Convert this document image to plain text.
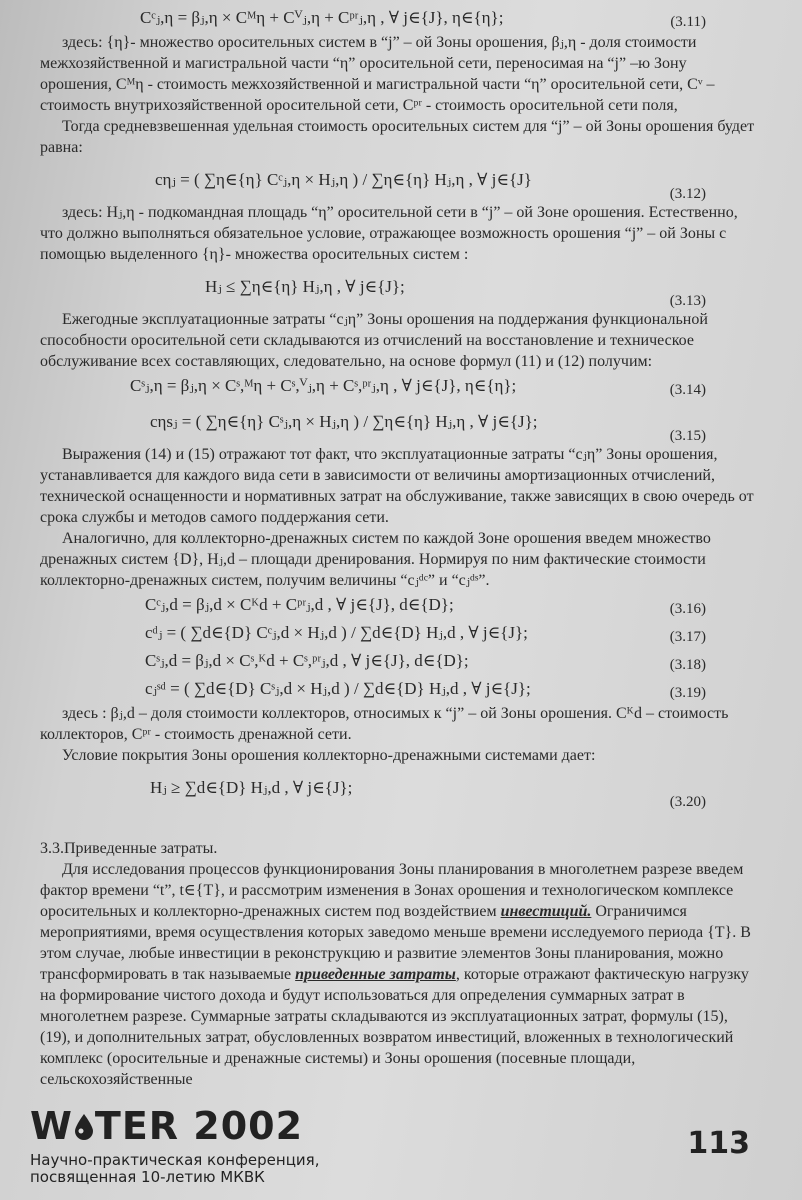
Cᶜⱼ,η = βⱼ,η × Cᴹη + Cⱽⱼ,η + Cᵖʳⱼ,η , ∀ j∈{J}, η∈{η};	(3.11)

здесь: {η}- множество оросительных систем в “j” – ой Зоны орошения, βⱼ,η - доля стоимости межхозяйственной и магистральной части “η” оросительной сети, переносимая на “j” –ю Зону орошения, Cᴹη - стоимость межхозяйственной и магистральной части “η” оросительной сети, Cᵛ – стоимость внутрихозяйственной оросительной сети, Cᵖʳ - стоимость оросительной сети поля,

Тогда средневзвешенная удельная стоимость оросительных систем для “j” – ой Зоны орошения будет равна:

cηⱼ = ( ∑η∈{η} Cᶜⱼ,η × Hⱼ,η ) / ∑η∈{η} Hⱼ,η , ∀ j∈{J}
(3.12)

здесь: Hⱼ,η - подкомандная площадь “η” оросительной сети в “j” – ой Зоне орошения. Естественно, что должно выполняться обязательное условие, отражающее возможность орошения “j” – ой Зоны с помощью выделенного {η}- множества оросительных систем :

Hⱼ ≤ ∑η∈{η} Hⱼ,η , ∀ j∈{J};
(3.13)

Ежегодные эксплуатационные затраты “cⱼη” Зоны орошения на поддержания функциональной способности оросительной сети складываются из отчислений на восстановление и техническое обслуживание всех составляющих, следовательно, на основе формул (11) и (12) получим:

Cˢⱼ,η = βⱼ,η × Cˢ,ᴹη + Cˢ,ⱽⱼ,η + Cˢ,ᵖʳⱼ,η , ∀ j∈{J}, η∈{η};	(3.14)
cηsⱼ = ( ∑η∈{η} Cˢⱼ,η × Hⱼ,η ) / ∑η∈{η} Hⱼ,η , ∀ j∈{J};
(3.15)

Выражения (14) и (15) отражают тот факт, что эксплуатационные затраты “cⱼη” Зоны орошения, устанавливается для каждого вида сети в зависимости от величины амортизационных отчислений, технической оснащенности и нормативных затрат на обслуживание, также зависящих в свою очередь от срока службы и методов самого поддержания сети.

Аналогично, для коллекторно-дренажных систем по каждой Зоне орошения введем множество дренажных систем {D}, Hⱼ,d – площади дренирования. Нормируя по ним фактические стоимости коллекторно-дренажных систем, получим величины “cⱼᵈᶜ” и “cⱼᵈˢ”.

Cᶜⱼ,d = βⱼ,d × Cᴷd + Cᵖʳⱼ,d , ∀ j∈{J}, d∈{D};	(3.16)
cᵈⱼ = ( ∑d∈{D} Cᶜⱼ,d × Hⱼ,d ) / ∑d∈{D} Hⱼ,d , ∀ j∈{J};	(3.17)
Cˢⱼ,d = βⱼ,d × Cˢ,ᴷd + Cˢ,ᵖʳⱼ,d , ∀ j∈{J}, d∈{D};	(3.18)
cⱼˢᵈ = ( ∑d∈{D} Cˢⱼ,d × Hⱼ,d ) / ∑d∈{D} Hⱼ,d , ∀ j∈{J};	(3.19)

здесь : βⱼ,d – доля стоимости коллекторов, относимых к “j” – ой Зоны орошения. Cᴷd – стоимость коллекторов, Cᵖʳ - стоимость дренажной сети.

Условие покрытия Зоны орошения коллекторно-дренажными системами дает:

Hⱼ ≥ ∑d∈{D} Hⱼ,d , ∀ j∈{J};
(3.20)

3.3.Приведенные затраты.

Для исследования процессов функционирования Зоны планирования в многолетнем разрезе введем фактор времени “t”, t∈{T}, и рассмотрим изменения в Зонах орошения и технологическом комплексе оросительных и коллекторно-дренажных систем под воздействием инвестиций. Ограничимся мероприятиями, время осуществления которых заведомо меньше времени исследуемого периода {T}. В этом случае, любые инвестиции в реконструкцию и развитие элементов Зоны планирования, можно трансформировать в так называемые приведенные затраты, которые отражают фактическую нагрузку на формирование чистого дохода и будут использоваться для определения суммарных затрат в многолетнем разрезе. Суммарные затраты складываются из эксплуатационных затрат, формулы (15), (19), и дополнительных затрат, обусловленных возвратом инвестиций, вложенных в технологический комплекс (оросительные и дренажные системы) и Зоны орошения (посевные площади, сельскохозяйственные

W TER 2002
Научно-практическая конференция,
посвященная 10-летию МКВК
113
